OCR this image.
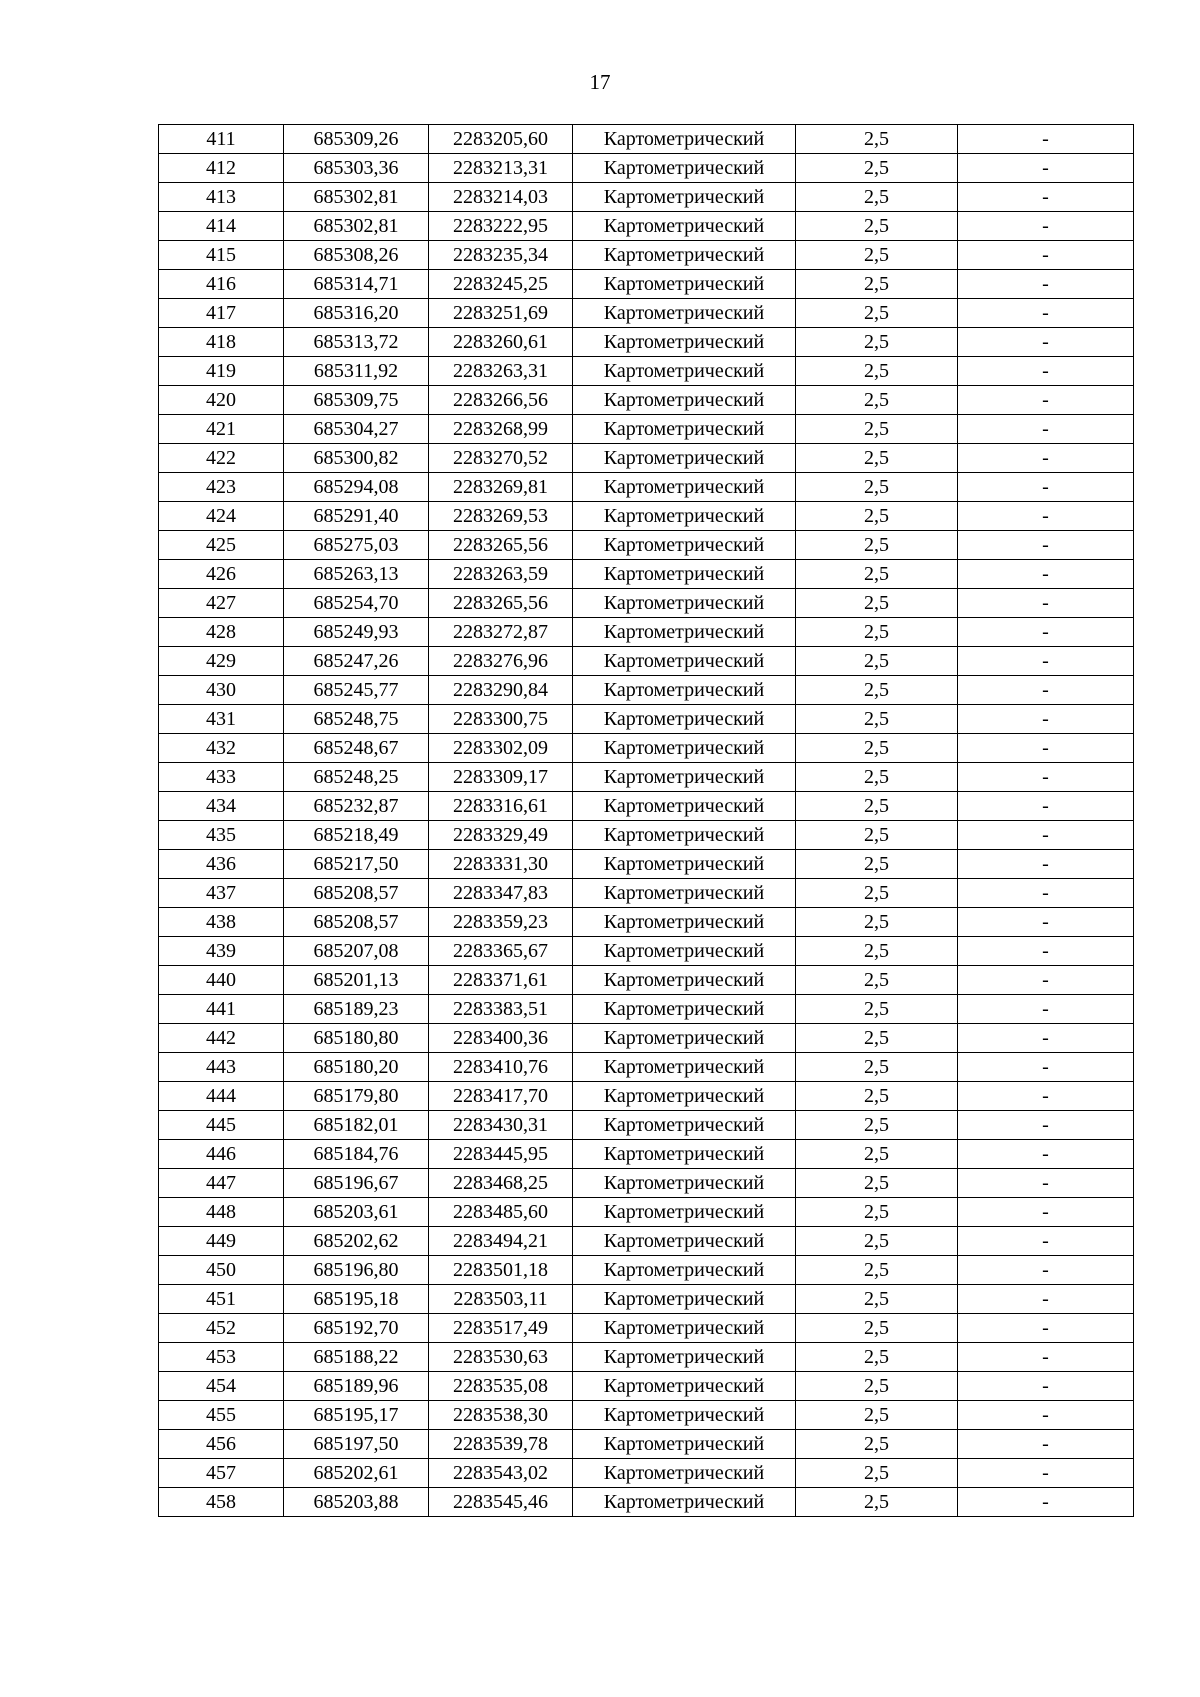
17
411	685309,26	2283205,60	Картометрический	2,5	-
412	685303,36	2283213,31	Картометрический	2,5	-
413	685302,81	2283214,03	Картометрический	2,5	-
414	685302,81	2283222,95	Картометрический	2,5	-
415	685308,26	2283235,34	Картометрический	2,5	-
416	685314,71	2283245,25	Картометрический	2,5	-
417	685316,20	2283251,69	Картометрический	2,5	-
418	685313,72	2283260,61	Картометрический	2,5	-
419	685311,92	2283263,31	Картометрический	2,5	-
420	685309,75	2283266,56	Картометрический	2,5	-
421	685304,27	2283268,99	Картометрический	2,5	-
422	685300,82	2283270,52	Картометрический	2,5	-
423	685294,08	2283269,81	Картометрический	2,5	-
424	685291,40	2283269,53	Картометрический	2,5	-
425	685275,03	2283265,56	Картометрический	2,5	-
426	685263,13	2283263,59	Картометрический	2,5	-
427	685254,70	2283265,56	Картометрический	2,5	-
428	685249,93	2283272,87	Картометрический	2,5	-
429	685247,26	2283276,96	Картометрический	2,5	-
430	685245,77	2283290,84	Картометрический	2,5	-
431	685248,75	2283300,75	Картометрический	2,5	-
432	685248,67	2283302,09	Картометрический	2,5	-
433	685248,25	2283309,17	Картометрический	2,5	-
434	685232,87	2283316,61	Картометрический	2,5	-
435	685218,49	2283329,49	Картометрический	2,5	-
436	685217,50	2283331,30	Картометрический	2,5	-
437	685208,57	2283347,83	Картометрический	2,5	-
438	685208,57	2283359,23	Картометрический	2,5	-
439	685207,08	2283365,67	Картометрический	2,5	-
440	685201,13	2283371,61	Картометрический	2,5	-
441	685189,23	2283383,51	Картометрический	2,5	-
442	685180,80	2283400,36	Картометрический	2,5	-
443	685180,20	2283410,76	Картометрический	2,5	-
444	685179,80	2283417,70	Картометрический	2,5	-
445	685182,01	2283430,31	Картометрический	2,5	-
446	685184,76	2283445,95	Картометрический	2,5	-
447	685196,67	2283468,25	Картометрический	2,5	-
448	685203,61	2283485,60	Картометрический	2,5	-
449	685202,62	2283494,21	Картометрический	2,5	-
450	685196,80	2283501,18	Картометрический	2,5	-
451	685195,18	2283503,11	Картометрический	2,5	-
452	685192,70	2283517,49	Картометрический	2,5	-
453	685188,22	2283530,63	Картометрический	2,5	-
454	685189,96	2283535,08	Картометрический	2,5	-
455	685195,17	2283538,30	Картометрический	2,5	-
456	685197,50	2283539,78	Картометрический	2,5	-
457	685202,61	2283543,02	Картометрический	2,5	-
458	685203,88	2283545,46	Картометрический	2,5	-
